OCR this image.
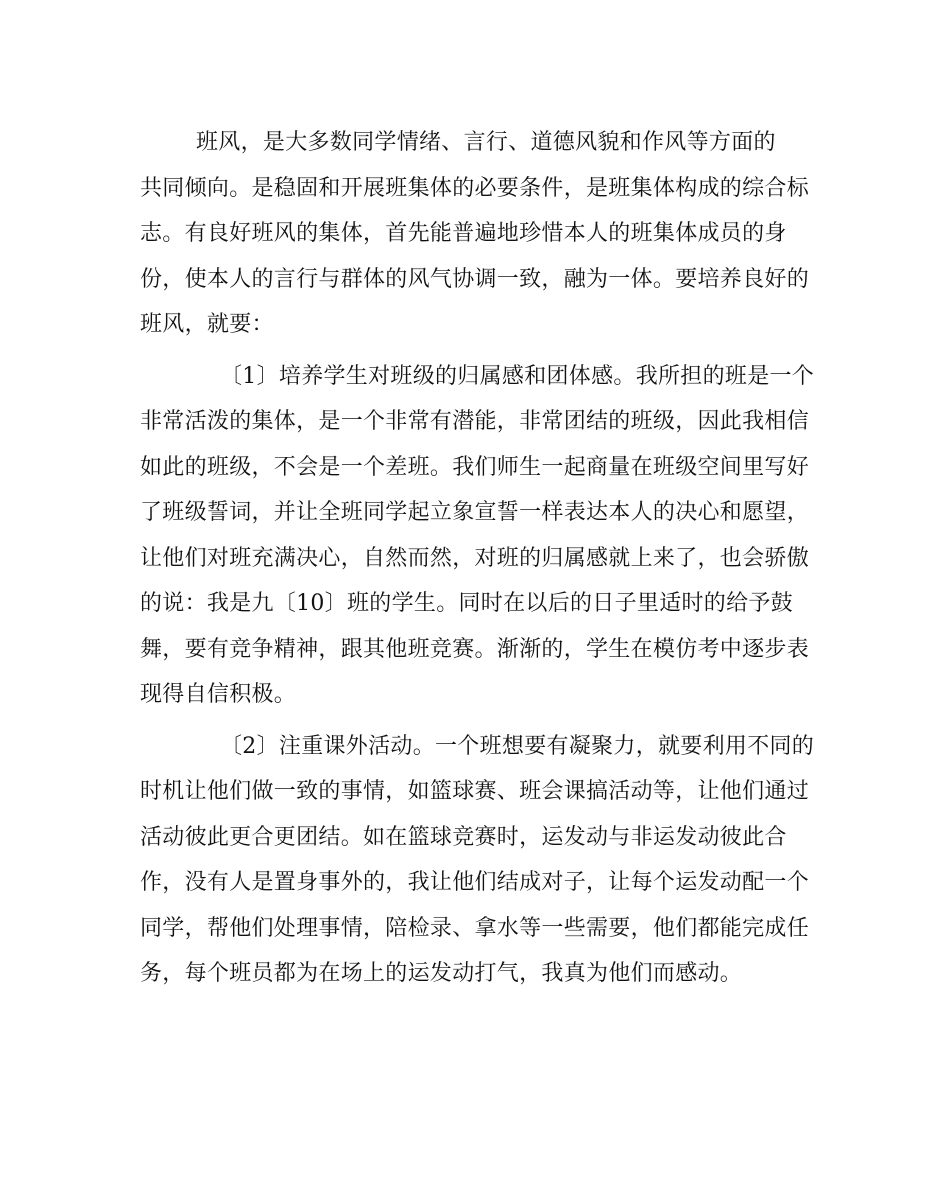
班风，是大多数同学情绪、言行、道德风貌和作风等方面的
共同倾向。是稳固和开展班集体的必要条件，是班集体构成的综合标
志。有良好班风的集体，首先能普遍地珍惜本人的班集体成员的身
份，使本人的言行与群体的风气协调一致，融为一体。要培养良好的
班风，就要：
〔1〕培养学生对班级的归属感和团体感。我所担的班是一个
非常活泼的集体，是一个非常有潜能，非常团结的班级，因此我相信
如此的班级，不会是一个差班。我们师生一起商量在班级空间里写好
了班级誓词，并让全班同学起立象宣誓一样表达本人的决心和愿望，
让他们对班充满决心，自然而然，对班的归属感就上来了，也会骄傲
的说：我是九〔10〕班的学生。同时在以后的日子里适时的给予鼓
舞，要有竞争精神，跟其他班竞赛。渐渐的，学生在模仿考中逐步表
现得自信积极。
〔2〕注重课外活动。一个班想要有凝聚力，就要利用不同的
时机让他们做一致的事情，如篮球赛、班会课搞活动等，让他们通过
活动彼此更合更团结。如在篮球竞赛时，运发动与非运发动彼此合
作，没有人是置身事外的，我让他们结成对子，让每个运发动配一个
同学，帮他们处理事情，陪检录、拿水等一些需要，他们都能完成任
务，每个班员都为在场上的运发动打气，我真为他们而感动。
